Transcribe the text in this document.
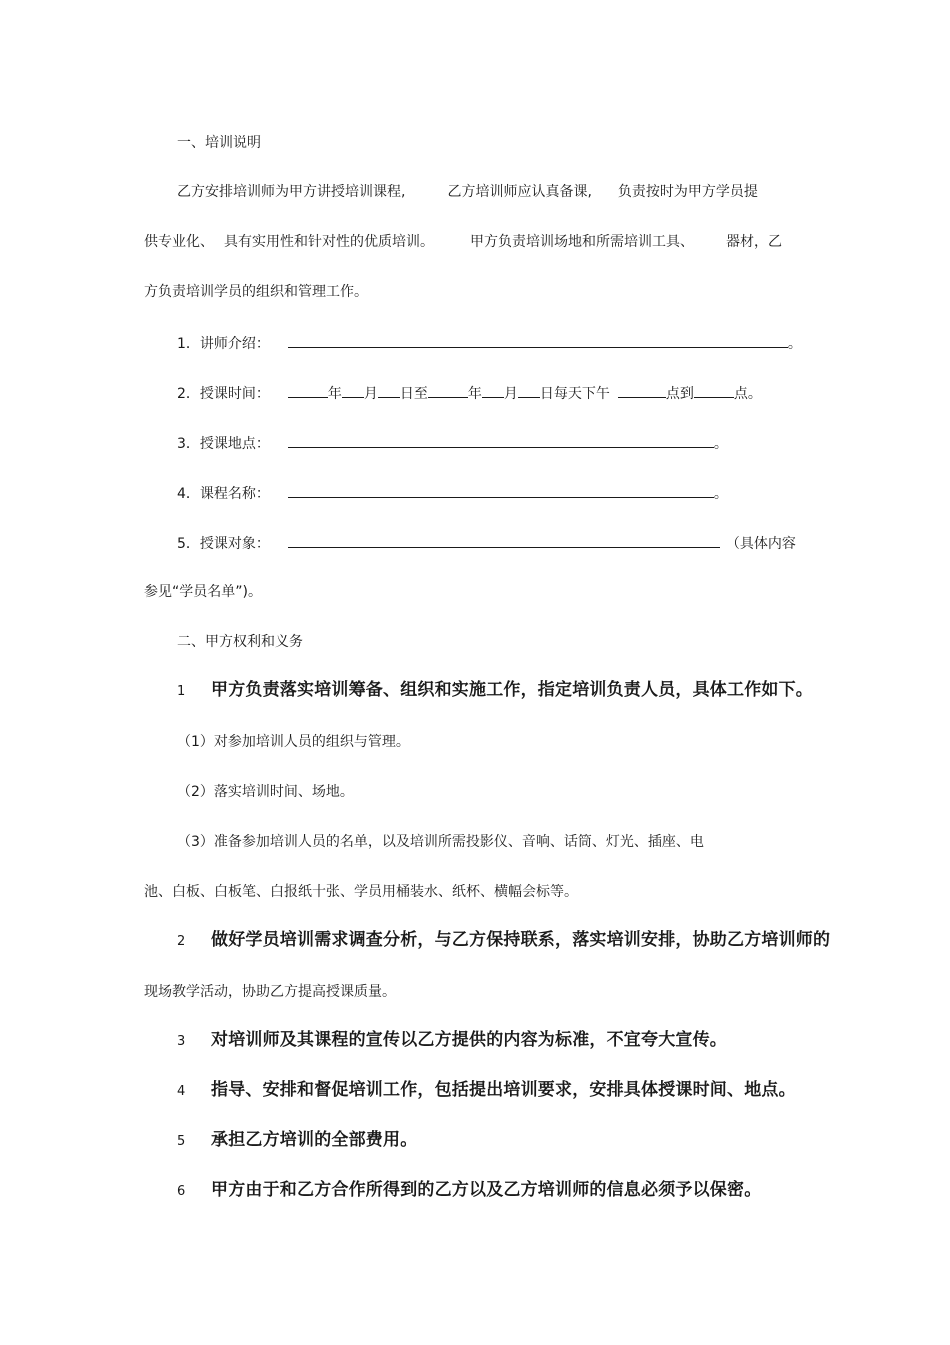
一、培训说明
乙方安排培训师为甲方讲授培训课程,	乙方培训师应认真备课, 负责按时为甲方学员提
供专业化、 具有实用性和针对性的优质培训。	甲方负责培训场地和所需培训工具、 器材，乙
方负责培训学员的组织和管理工作。
1．讲师介绍：	。
2．授课时间：	年 月 日至	年 月 日每天下午	点到	点。
3．授课地点：	。
4．课程名称：	。
5．授课对象：	（具体内容
参见“学员名单”)。
二、甲方权利和义务
1 甲方负责落实培训筹备、组织和实施工作，指定培训负责人员，具体工作如下。
（1）对参加培训人员的组织与管理。
（2）落实培训时间、场地。
（3）准备参加培训人员的名单，以及培训所需投影仪、音响、话筒、灯光、插座、电
池、白板、白板笔、白报纸十张、学员用桶装水、纸杯、横幅会标等。
2 做好学员培训需求调查分析，与乙方保持联系，落实培训安排，协助乙方培训师的
现场教学活动，协助乙方提高授课质量。
3 对培训师及其课程的宣传以乙方提供的内容为标准，不宜夸大宣传。
4 指导、安排和督促培训工作，包括提出培训要求，安排具体授课时间、地点。
5 承担乙方培训的全部费用。
6 甲方由于和乙方合作所得到的乙方以及乙方培训师的信息必须予以保密。
